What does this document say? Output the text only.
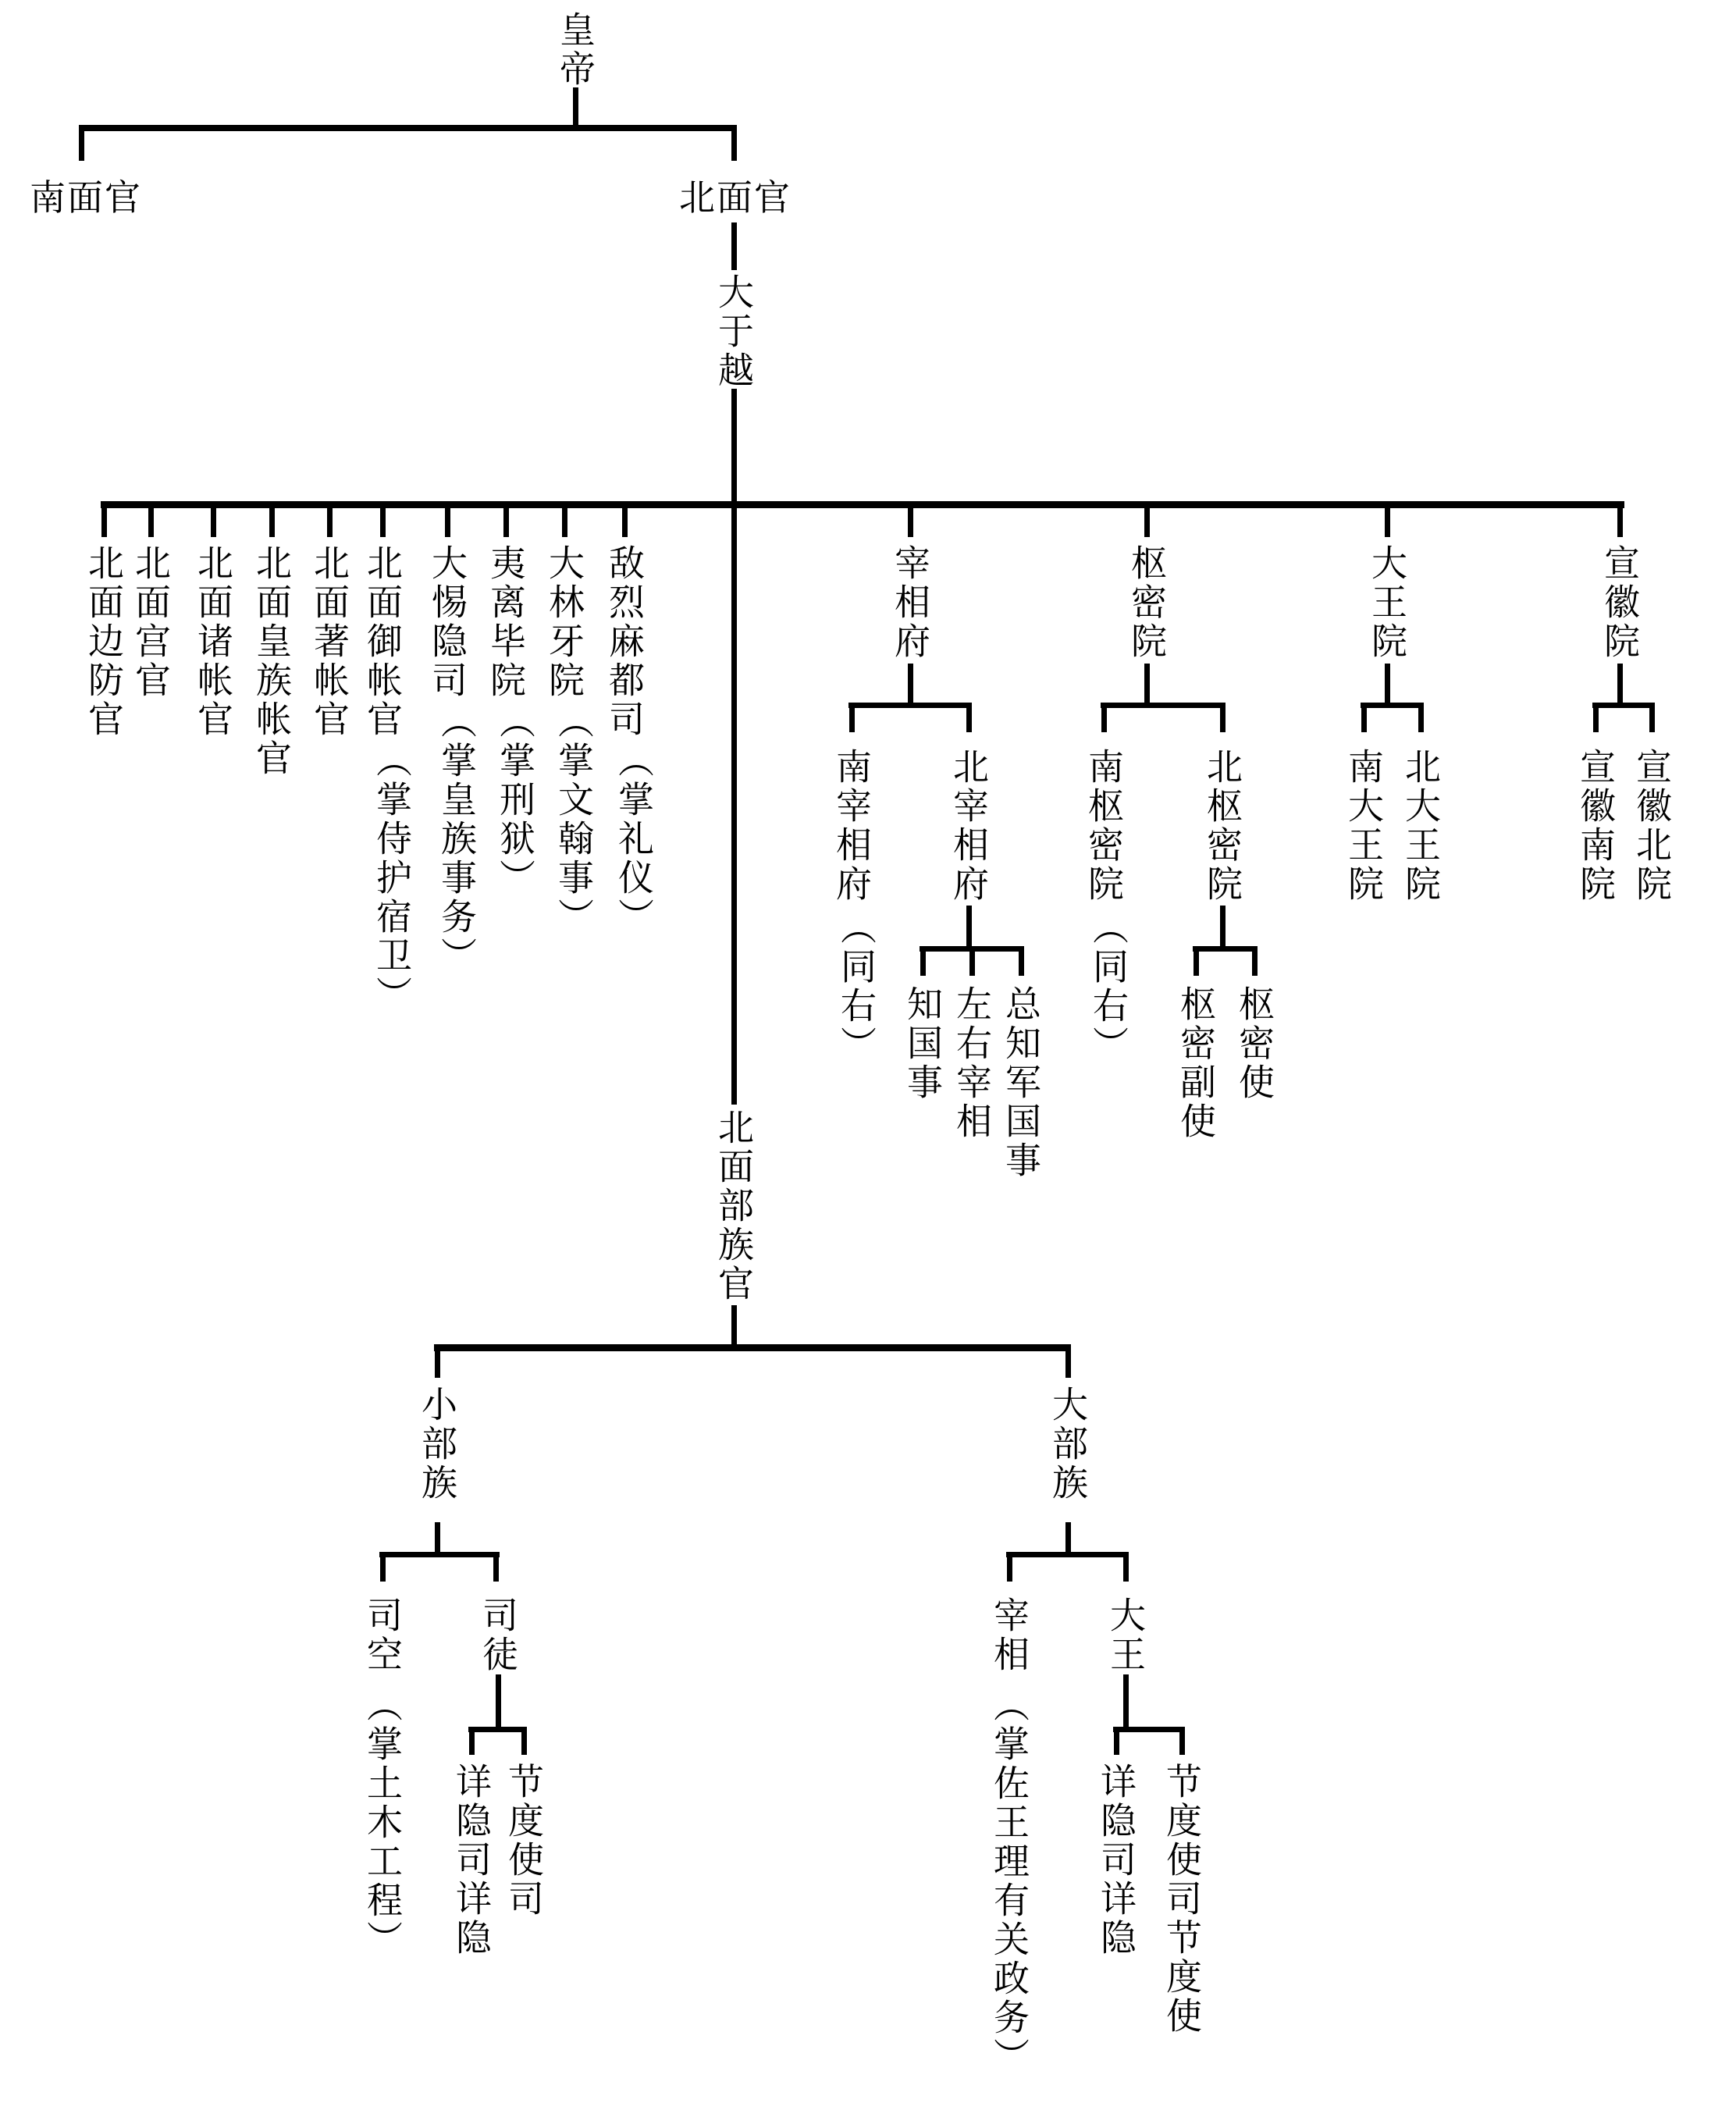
皇帝
南面官	北面官
大于越
北面边防官 北面宫官 北面诸帐官 北面皇族帐官 北面著帐官 北面御帐官
（掌侍护宿卫）
大惕隐司
（掌皇族事务）
夷离毕院
（掌刑狱）
大林牙院
（掌文翰事）
敌烈麻都司
（掌礼仪）
宰相府	枢密院	大王院	宣徽院
南宰相府
（同右）
北宰相府	南枢密院
（同右）
北枢密院	南大王院 北大王院	宣徽南院 宣徽北院
知国事 左右宰相 总知军国事	枢密副使 枢密使
北面部族官
小部族	大部族
司空
（掌土木工程）
司徒	宰相
（掌佐王理有关政务）
大王
详隐司详隐 节度使司	详隐司详隐 节度使司节度使
